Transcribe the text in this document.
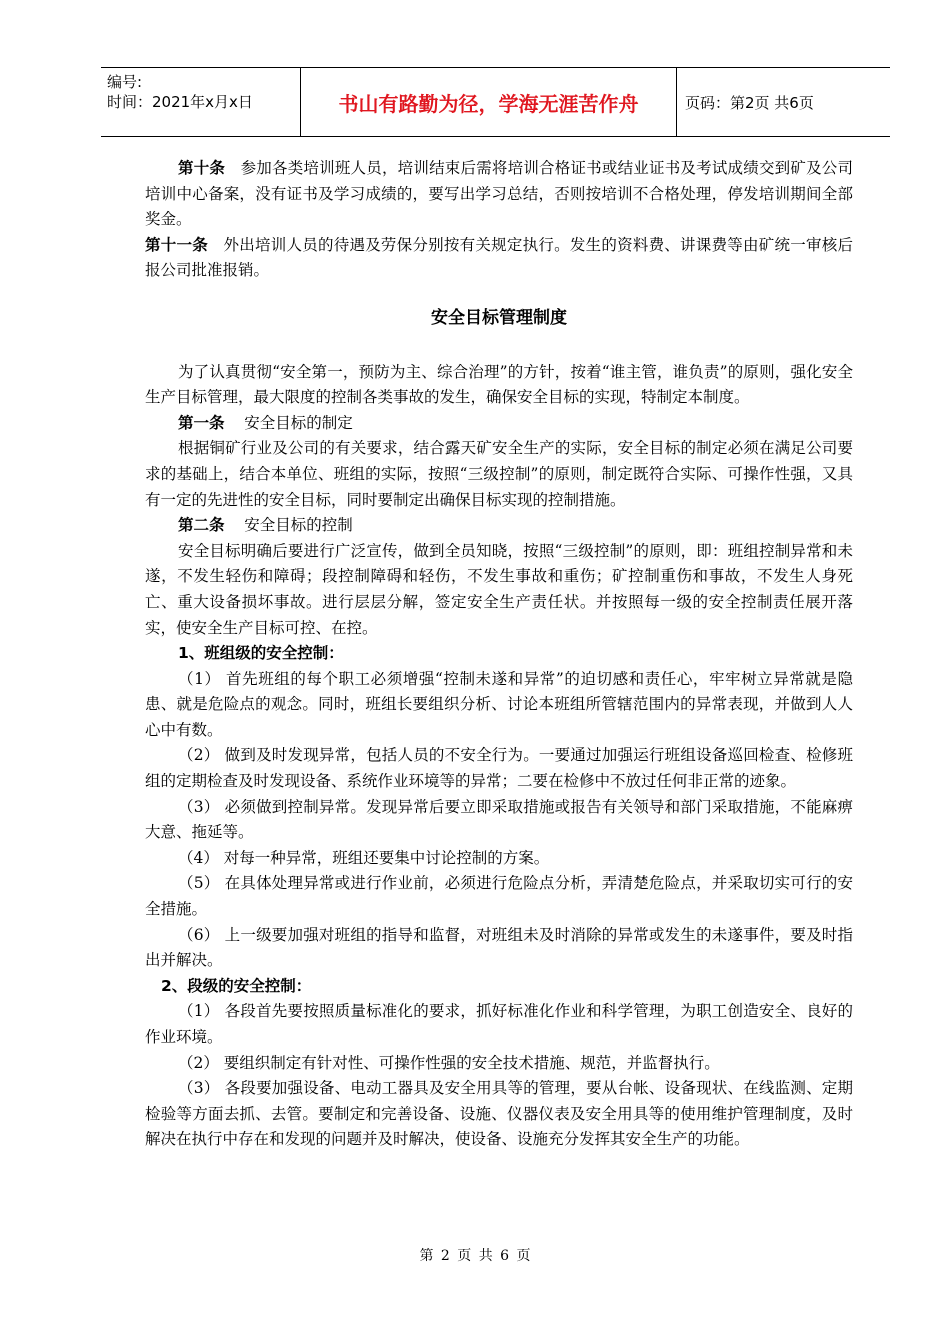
编号:
时间：2021年x月x日	书山有路勤为径，学海无涯苦作舟	页码：第2页 共6页

第十条 参加各类培训班人员，培训结束后需将培训合格证书或结业证书及考试成绩交到矿及公司培训中心备案，没有证书及学习成绩的，要写出学习总结，否则按培训不合格处理，停发培训期间全部奖金。

第十一条 外出培训人员的待遇及劳保分别按有关规定执行。发生的资料费、讲课费等由矿统一审核后报公司批准报销。

安全目标管理制度

为了认真贯彻“安全第一，预防为主、综合治理”的方针，按着“谁主管，谁负责”的原则，强化安全生产目标管理，最大限度的控制各类事故的发生，确保安全目标的实现，特制定本制度。

第一条 安全目标的制定

根据铜矿行业及公司的有关要求，结合露天矿安全生产的实际，安全目标的制定必须在满足公司要求的基础上，结合本单位、班组的实际，按照“三级控制”的原则，制定既符合实际、可操作性强，又具有一定的先进性的安全目标，同时要制定出确保目标实现的控制措施。

第二条 安全目标的控制

安全目标明确后要进行广泛宣传，做到全员知晓，按照“三级控制”的原则，即：班组控制异常和未遂，不发生轻伤和障碍；段控制障碍和轻伤，不发生事故和重伤；矿控制重伤和事故，不发生人身死亡、重大设备损坏事故。进行层层分解，签定安全生产责任状。并按照每一级的安全控制责任展开落实，使安全生产目标可控、在控。

1、班组级的安全控制：

（1） 首先班组的每个职工必须增强“控制未遂和异常”的迫切感和责任心，牢牢树立异常就是隐患、就是危险点的观念。同时，班组长要组织分析、讨论本班组所管辖范围内的异常表现，并做到人人心中有数。

（2） 做到及时发现异常，包括人员的不安全行为。一要通过加强运行班组设备巡回检查、检修班组的定期检查及时发现设备、系统作业环境等的异常；二要在检修中不放过任何非正常的迹象。

（3） 必须做到控制异常。发现异常后要立即采取措施或报告有关领导和部门采取措施，不能麻痹大意、拖延等。

（4） 对每一种异常，班组还要集中讨论控制的方案。

（5） 在具体处理异常或进行作业前，必须进行危险点分析，弄清楚危险点，并采取切实可行的安全措施。

（6） 上一级要加强对班组的指导和监督，对班组未及时消除的异常或发生的未遂事件，要及时指出并解决。

2、段级的安全控制：

（1） 各段首先要按照质量标准化的要求，抓好标准化作业和科学管理，为职工创造安全、良好的作业环境。

（2） 要组织制定有针对性、可操作性强的安全技术措施、规范，并监督执行。

（3） 各段要加强设备、电动工器具及安全用具等的管理，要从台帐、设备现状、在线监测、定期检验等方面去抓、去管。要制定和完善设备、设施、仪器仪表及安全用具等的使用维护管理制度，及时解决在执行中存在和发现的问题并及时解决，使设备、设施充分发挥其安全生产的功能。

第 2 页 共 6 页
